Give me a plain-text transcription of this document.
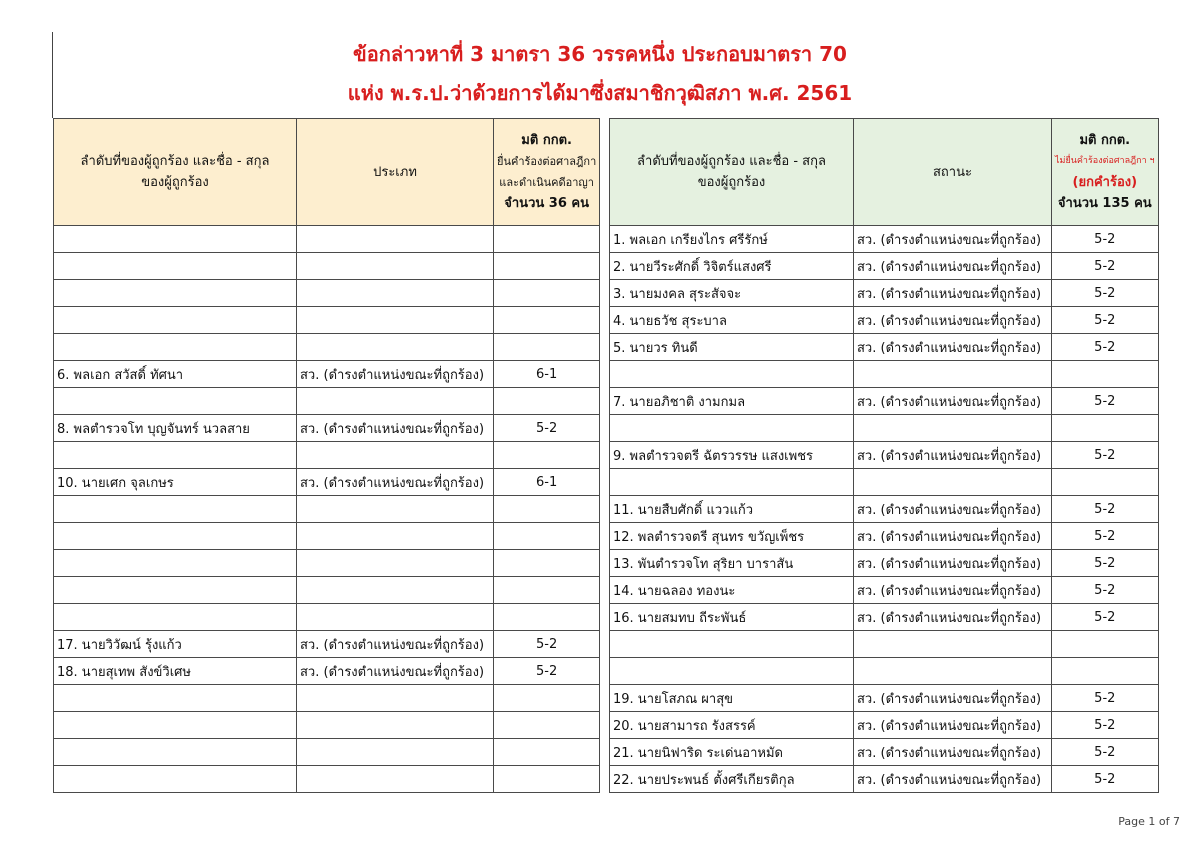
ข้อกล่าวหาที่ 3 มาตรา 36 วรรคหนึ่ง ประกอบมาตรา 70
แห่ง พ.ร.ป.ว่าด้วยการได้มาซึ่งสมาชิกวุฒิสภา พ.ศ. 2561
ลำดับที่ของผู้ถูกร้อง และชื่อ - สกุล
ของผู้ถูกร้อง	ประเภท	มติ กกต.
ยื่นคำร้องต่อศาลฎีกา
และดำเนินคดีอาญา
จำนวน 36 คน

6. พลเอก สวัสดิ์ ทัศนา	สว. (ดำรงตำแหน่งขณะที่ถูกร้อง)	6-1

8. พลตำรวจโท บุญจันทร์ นวลสาย	สว. (ดำรงตำแหน่งขณะที่ถูกร้อง)	5-2

10. นายเศก จุลเกษร	สว. (ดำรงตำแหน่งขณะที่ถูกร้อง)	6-1

17. นายวิวัฒน์ รุ้งแก้ว	สว. (ดำรงตำแหน่งขณะที่ถูกร้อง)	5-2
18. นายสุเทพ สังข์วิเศษ	สว. (ดำรงตำแหน่งขณะที่ถูกร้อง)	5-2

ลำดับที่ของผู้ถูกร้อง และชื่อ - สกุล
ของผู้ถูกร้อง	สถานะ	มติ กกต.
ไม่ยื่นคำร้องต่อศาลฎีกา ฯ
(ยกคำร้อง)
จำนวน 135 คน

1. พลเอก เกรียงไกร ศรีรักษ์	สว. (ดำรงตำแหน่งขณะที่ถูกร้อง)	5-2
2. นายวีระศักดิ์ วิจิตร์แสงศรี	สว. (ดำรงตำแหน่งขณะที่ถูกร้อง)	5-2
3. นายมงคล สุระสัจจะ	สว. (ดำรงตำแหน่งขณะที่ถูกร้อง)	5-2
4. นายธวัช สุระบาล	สว. (ดำรงตำแหน่งขณะที่ถูกร้อง)	5-2
5. นายวร ทินดี	สว. (ดำรงตำแหน่งขณะที่ถูกร้อง)	5-2

7. นายอภิชาติ งามกมล	สว. (ดำรงตำแหน่งขณะที่ถูกร้อง)	5-2

9. พลตำรวจตรี ฉัตรวรรษ แสงเพชร	สว. (ดำรงตำแหน่งขณะที่ถูกร้อง)	5-2

11. นายสืบศักดิ์ แววแก้ว	สว. (ดำรงตำแหน่งขณะที่ถูกร้อง)	5-2
12. พลตำรวจตรี สุนทร ขวัญเพ็ชร	สว. (ดำรงตำแหน่งขณะที่ถูกร้อง)	5-2
13. พันตำรวจโท สุริยา บาราสัน	สว. (ดำรงตำแหน่งขณะที่ถูกร้อง)	5-2
14. นายฉลอง ทองนะ	สว. (ดำรงตำแหน่งขณะที่ถูกร้อง)	5-2
16. นายสมทบ ถีระพันธ์	สว. (ดำรงตำแหน่งขณะที่ถูกร้อง)	5-2

19. นายโสภณ ผาสุข	สว. (ดำรงตำแหน่งขณะที่ถูกร้อง)	5-2
20. นายสามารถ รังสรรค์	สว. (ดำรงตำแหน่งขณะที่ถูกร้อง)	5-2
21. นายนิฟาริด ระเด่นอาหมัด	สว. (ดำรงตำแหน่งขณะที่ถูกร้อง)	5-2
22. นายประพนธ์ ตั้งศรีเกียรติกุล	สว. (ดำรงตำแหน่งขณะที่ถูกร้อง)	5-2
Page 1 of 7
